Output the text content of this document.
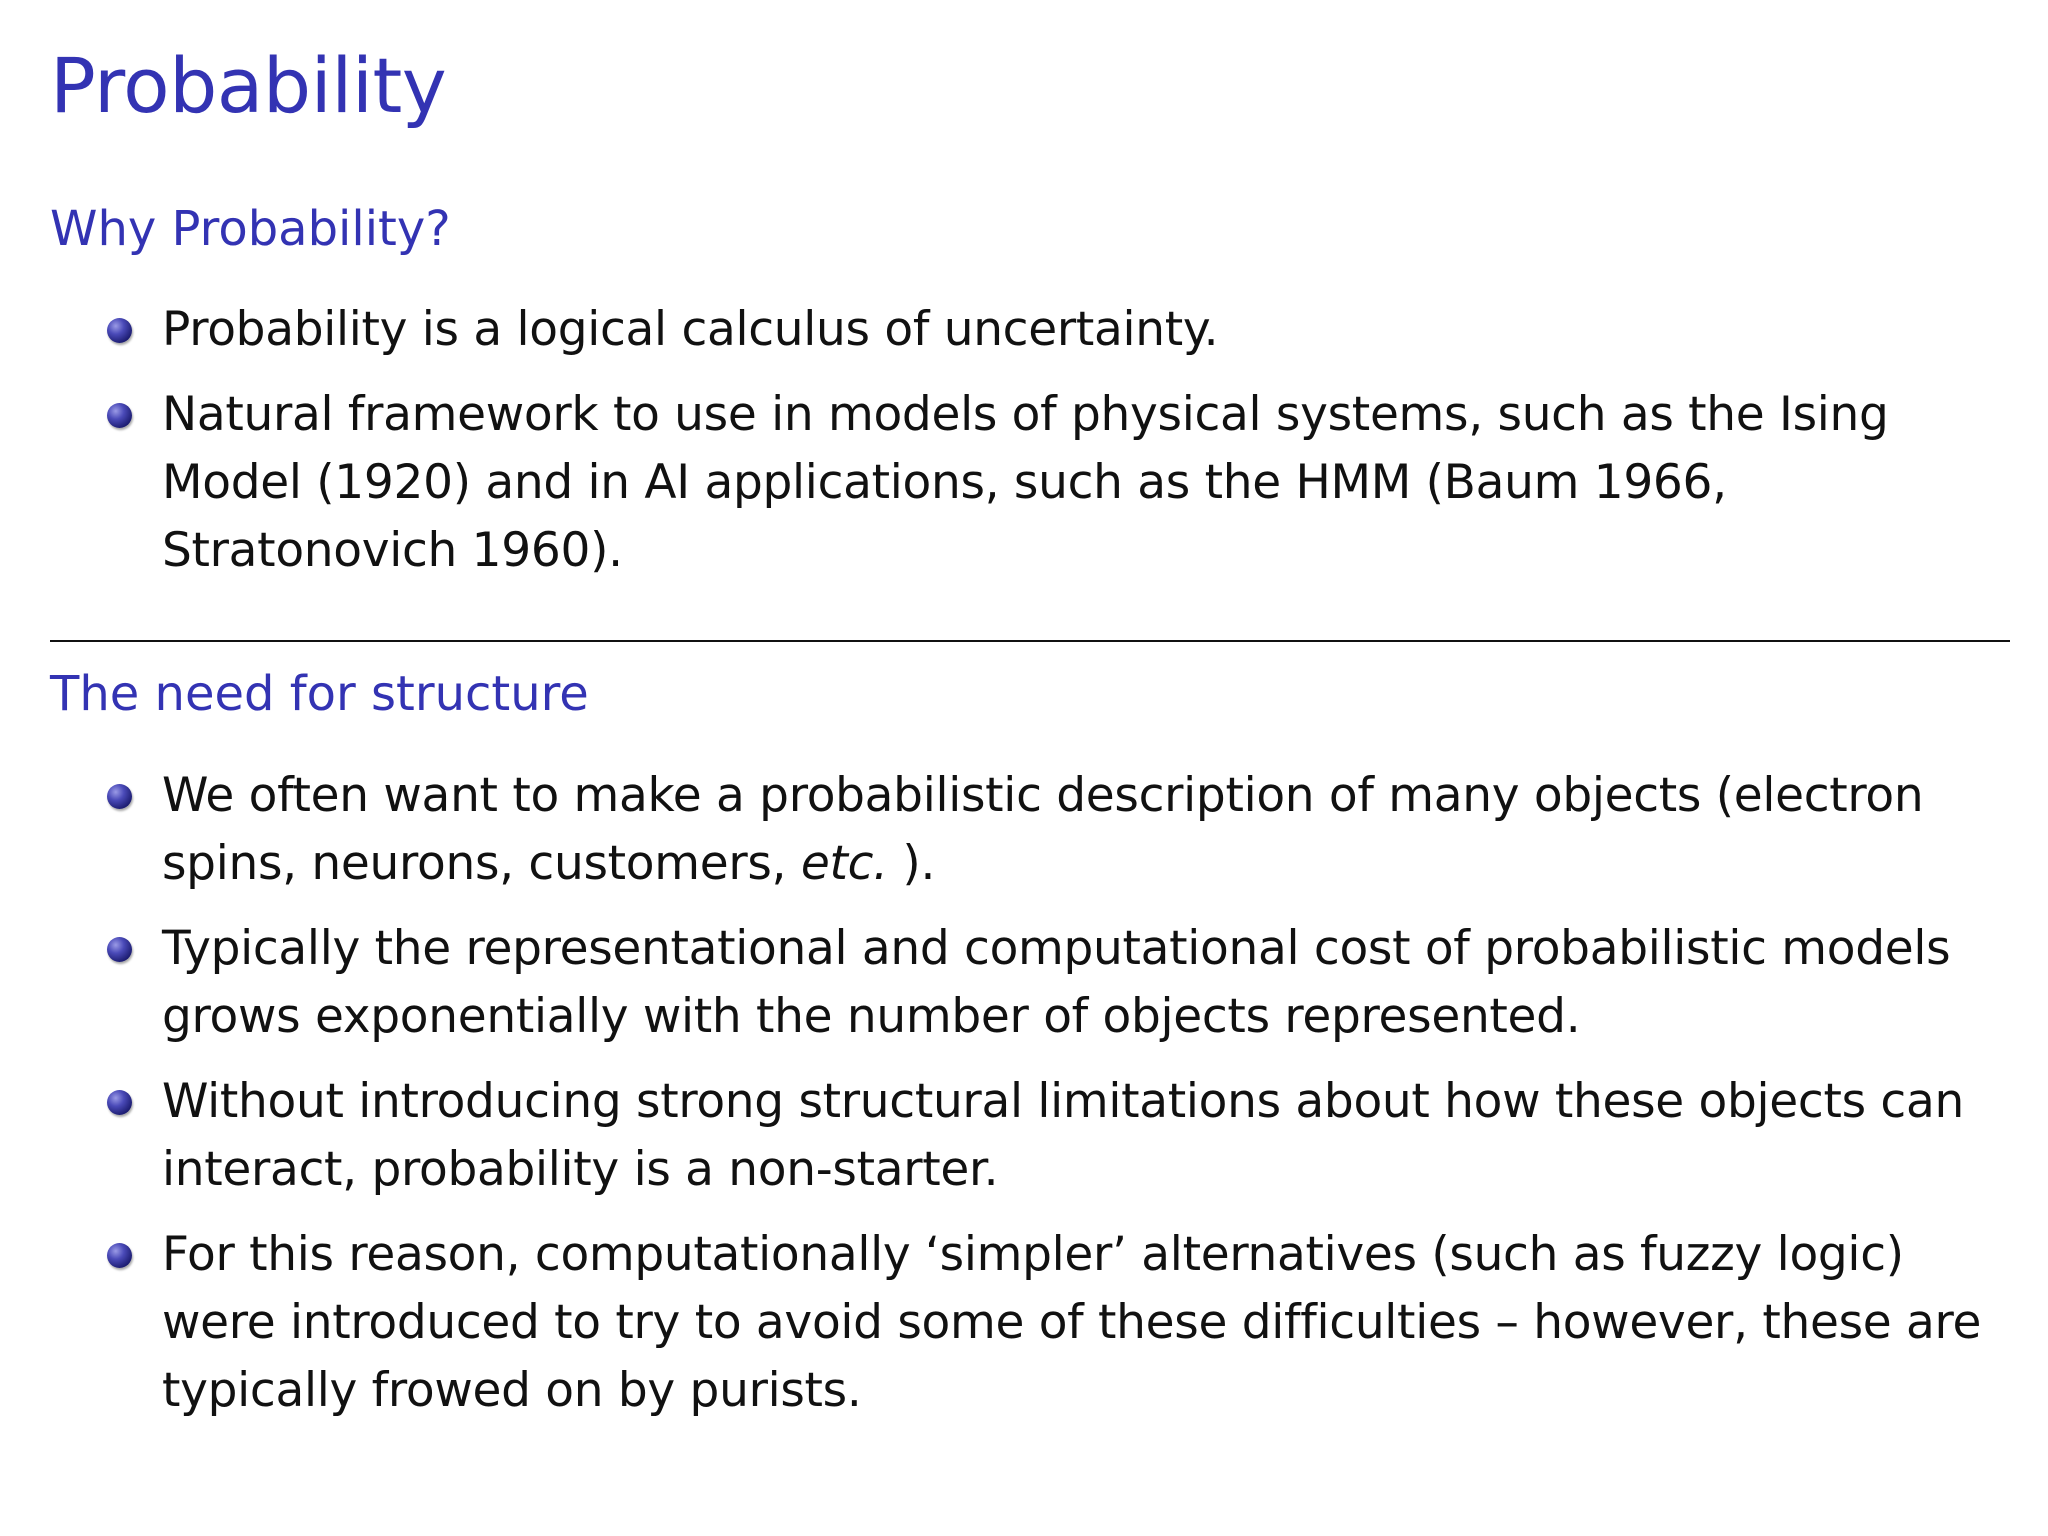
Probability
Why Probability?
Probability is a logical calculus of uncertainty.
Natural framework to use in models of physical systems, such as the Ising Model (1920) and in AI applications, such as the HMM (Baum 1966, Stratonovich 1960).
The need for structure
We often want to make a probabilistic description of many objects (electron spins, neurons, customers, etc. ).
Typically the representational and computational cost of probabilistic models grows exponentially with the number of objects represented.
Without introducing strong structural limitations about how these objects can interact, probability is a non-starter.
For this reason, computationally ‘simpler’ alternatives (such as fuzzy logic) were introduced to try to avoid some of these difficulties – however, these are typically frowed on by purists.
